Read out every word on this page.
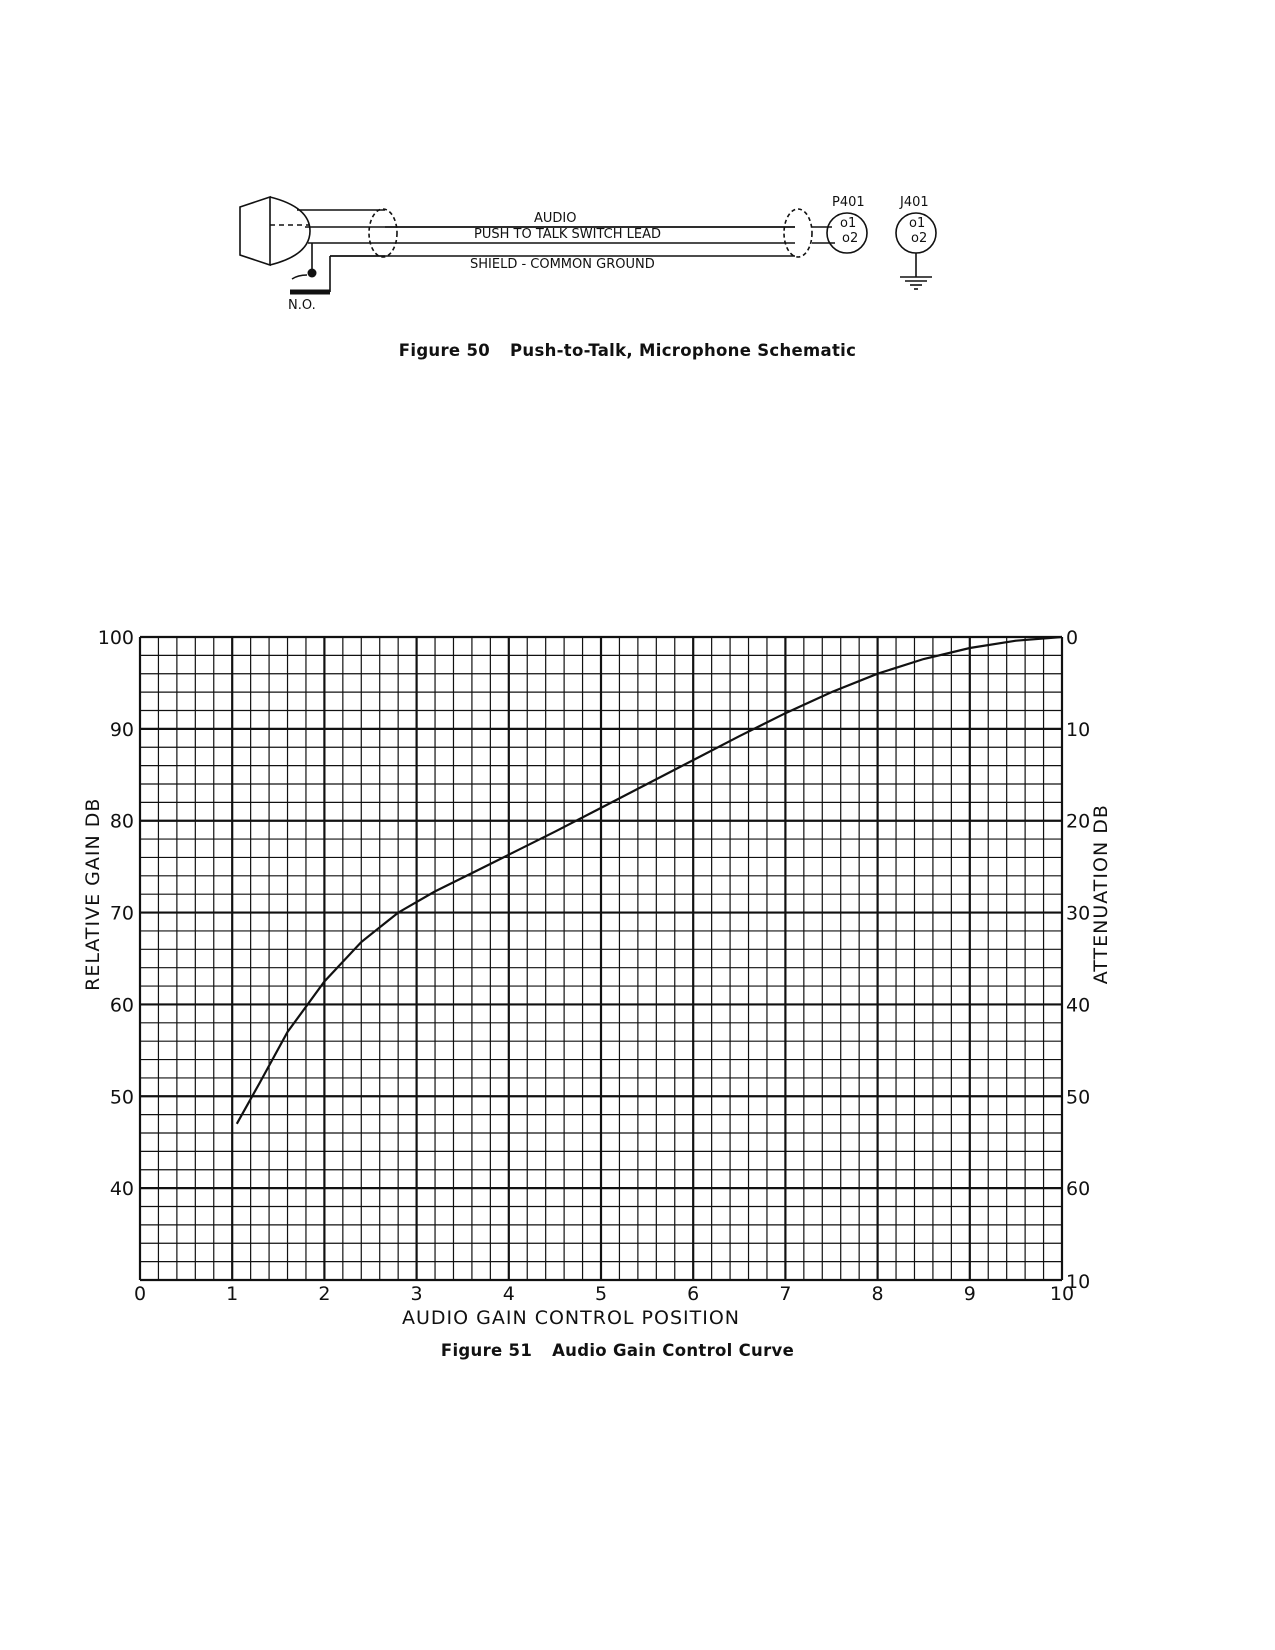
AUDIO
PUSH TO TALK SWITCH LEAD
SHIELD - COMMON GROUND
N.O.
P401	J401
o1
o2
o1
o2
Figure 50 Push-to-Talk, Microphone Schematic
0	1	2	3	4	5	6	7	8	9	10
40
50
60
70
80
90
100	0
10
20
30
40
50
60
10
AUDIO GAIN CONTROL POSITION
RELATIVE GAIN DB	ATTENUATION DB
Figure 51 Audio Gain Control Curve
